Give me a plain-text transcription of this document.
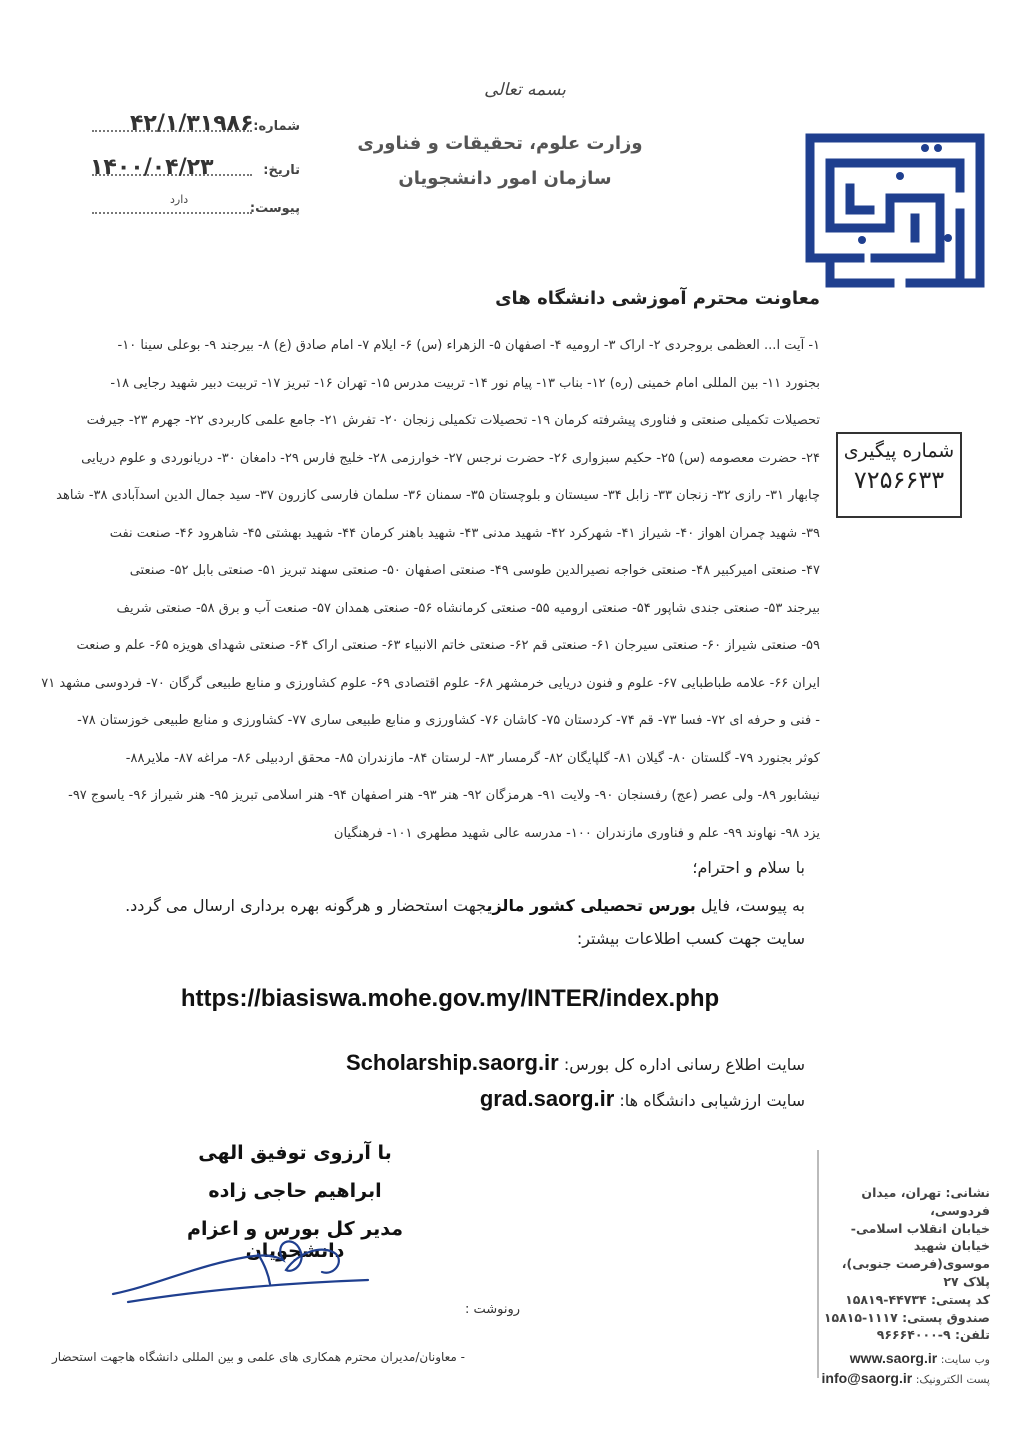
بسمه تعالی
وزارت علوم، تحقیقات و فناوری
سازمان امور دانشجویان
شماره:
۴۲/۱/۳۱۹۸۶
تاریخ:
۱۴۰۰/۰۴/۲۳
پیوست:
دارد
شماره پیگیری
۷۲۵۶۶۳۳
معاونت محترم آموزشی دانشگاه های
۱- آیت ا... العظمی بروجردی ۲- اراک ۳- ارومیه ۴- اصفهان ۵- الزهراء (س) ۶- ایلام ۷- امام صادق (ع) ۸- بیرجند ۹- بوعلی سینا ۱۰-
بجنورد ۱۱- بین المللی امام خمینی (ره) ۱۲- بناب ۱۳- پیام نور ۱۴- تربیت مدرس ۱۵- تهران ۱۶- تبریز ۱۷- تربیت دبیر شهید رجایی ۱۸-
تحصیلات تکمیلی صنعتی و فناوری پیشرفته کرمان ۱۹- تحصیلات تکمیلی زنجان ۲۰- تفرش ۲۱- جامع علمی کاربردی ۲۲- جهرم ۲۳- جیرفت
۲۴- حضرت معصومه (س) ۲۵- حکیم سبزواری ۲۶- حضرت نرجس ۲۷- خوارزمی ۲۸- خلیج فارس ۲۹- دامغان ۳۰- دریانوردی و علوم دریایی
چابهار ۳۱- رازی ۳۲- زنجان ۳۳- زابل ۳۴- سیستان و بلوچستان ۳۵- سمنان ۳۶- سلمان فارسی کازرون ۳۷- سید جمال الدین اسدآبادی ۳۸- شاهد
۳۹- شهید چمران اهواز ۴۰- شیراز ۴۱- شهرکرد ۴۲- شهید مدنی ۴۳- شهید باهنر کرمان ۴۴- شهید بهشتی ۴۵- شاهرود ۴۶- صنعت نفت
۴۷- صنعتی امیرکبیر ۴۸- صنعتی خواجه نصیرالدین طوسی ۴۹- صنعتی اصفهان ۵۰- صنعتی سهند تبریز ۵۱- صنعتی بابل ۵۲- صنعتی
بیرجند ۵۳- صنعتی جندی شاپور ۵۴- صنعتی ارومیه ۵۵- صنعتی کرمانشاه ۵۶- صنعتی همدان ۵۷- صنعت آب و برق ۵۸- صنعتی شریف
۵۹- صنعتی شیراز ۶۰- صنعتی سیرجان ۶۱- صنعتی قم ۶۲- صنعتی خاتم الانبیاء ۶۳- صنعتی اراک ۶۴- صنعتی شهدای هویزه ۶۵- علم و صنعت
ایران ۶۶- علامه طباطبایی ۶۷- علوم و فنون دریایی خرمشهر ۶۸- علوم اقتصادی ۶۹- علوم کشاورزی و منابع طبیعی گرگان ۷۰- فردوسی مشهد ۷۱
- فنی و حرفه ای ۷۲- فسا ۷۳- قم ۷۴- کردستان ۷۵- کاشان ۷۶- کشاورزی و منابع طبیعی ساری ۷۷- کشاورزی و منابع طبیعی خوزستان ۷۸-
کوثر بجنورد ۷۹- گلستان ۸۰- گیلان ۸۱- گلپایگان ۸۲- گرمسار ۸۳- لرستان ۸۴- مازندران ۸۵- محقق اردبیلی ۸۶- مراغه ۸۷- ملایر۸۸-
نیشابور ۸۹- ولی عصر (عج) رفسنجان ۹۰- ولایت ۹۱- هرمزگان ۹۲- هنر ۹۳- هنر اصفهان ۹۴- هنر اسلامی تبریز ۹۵- هنر شیراز ۹۶- یاسوج ۹۷-
یزد ۹۸- نهاوند ۹۹- علم و فناوری مازندران ۱۰۰- مدرسه عالی شهید مطهری ۱۰۱- فرهنگیان
با سلام و احترام؛
به پیوست، فایل بورس تحصیلی کشور مالزیجهت استحضار و هرگونه بهره برداری ارسال می گردد.
سایت جهت کسب اطلاعات بیشتر:
https://biasiswa.mohe.gov.my/INTER/index.php
سایت اطلاع رسانی اداره کل بورس: Scholarship.saorg.ir
سایت ارزشیابی دانشگاه ها: grad.saorg.ir
با آرزوی توفیق الهی
ابراهیم حاجی زاده
مدیر کل بورس و اعزام دانشجویان
رونوشت :
- معاونان/مدیران محترم همکاری های علمی و بین المللی دانشگاه هاجهت استحضار
نشانی: تهران، میدان فردوسی،
خیابان انقلاب اسلامی-خیابان شهید
موسوی(فرصت جنوبی)، پلاک ۲۷
کد پستی: ۴۴۷۳۴-۱۵۸۱۹
صندوق پستی: ۱۱۱۷-۱۵۸۱۵
تلفن: ۹-۹۶۶۶۴۰۰۰
وب سایت: www.saorg.ir
پست الکترونیک: info@saorg.ir
